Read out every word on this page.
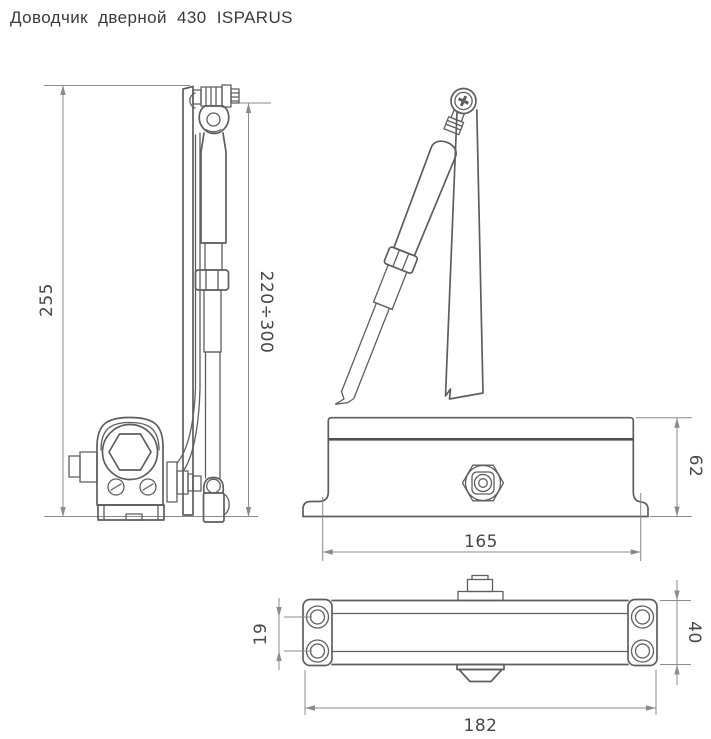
Доводчик дверной 430 ISPARUS
255	220÷300
62
165
19	40
182
